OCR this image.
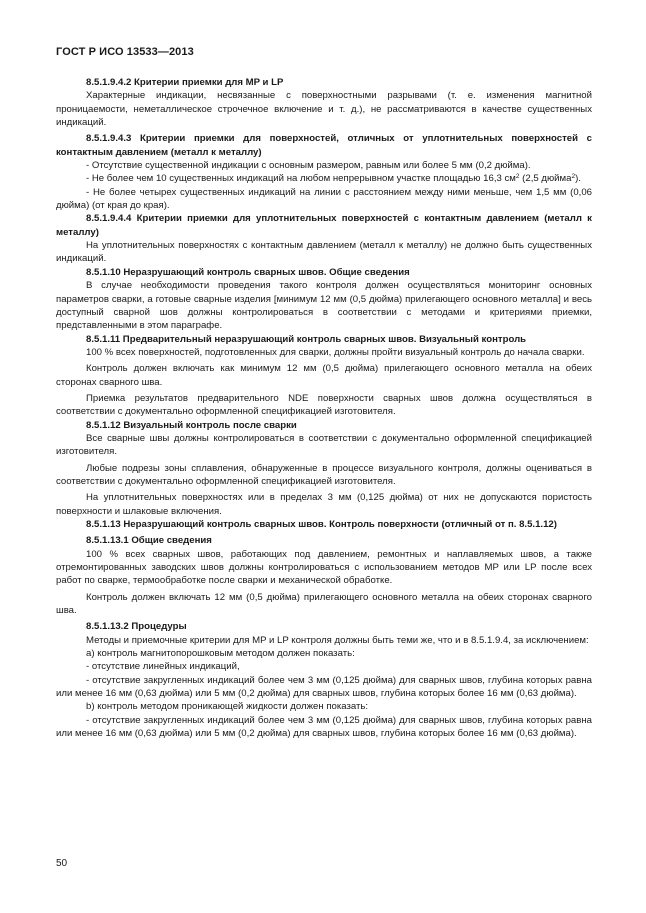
ГОСТ Р ИСО 13533—2013

8.5.1.9.4.2 Критерии приемки для MP и LP

Характерные индикации, несвязанные с поверхностными разрывами (т. е. изменения магнитной проницаемости, неметаллическое строчечное включение и т. д.), не рассматриваются в качестве существенных индикаций.

8.5.1.9.4.3 Критерии приемки для поверхностей, отличных от уплотнительных поверхностей с контактным давлением (металл к металлу)

- Отсутствие существенной индикации с основным размером, равным или более 5 мм (0,2 дюйма).

- Не более чем 10 существенных индикаций на любом непрерывном участке площадью 16,3 $см^2$ (2,5 дюйма$^2$).

- Не более четырех существенных индикаций на линии с расстоянием между ними меньше, чем 1,5 мм (0,06 дюйма) (от края до края).

8.5.1.9.4.4 Критерии приемки для уплотнительных поверхностей с контактным давлением (металл к металлу)

На уплотнительных поверхностях с контактным давлением (металл к металлу) не должно быть существенных индикаций.

8.5.1.10 Неразрушающий контроль сварных швов. Общие сведения

В случае необходимости проведения такого контроля должен осуществляться мониторинг основных параметров сварки, а готовые сварные изделия [минимум 12 мм (0,5 дюйма) прилегающего основного металла] и весь доступный сварной шов должны контролироваться в соответствии с методами и критериями приемки, представленными в этом параграфе.

8.5.1.11 Предварительный неразрушающий контроль сварных швов. Визуальный контроль

100 % всех поверхностей, подготовленных для сварки, должны пройти визуальный контроль до начала сварки.

Контроль должен включать как минимум 12 мм (0,5 дюйма) прилегающего основного металла на обеих сторонах сварного шва.

Приемка результатов предварительного NDE поверхности сварных швов должна осуществляться в соответствии с документально оформленной спецификацией изготовителя.

8.5.1.12 Визуальный контроль после сварки

Все сварные швы должны контролироваться в соответствии с документально оформленной спецификацией изготовителя.

Любые подрезы зоны сплавления, обнаруженные в процессе визуального контроля, должны оцениваться в соответствии с документально оформленной спецификацией изготовителя.

На уплотнительных поверхностях или в пределах 3 мм (0,125 дюйма) от них не допускаются пористость поверхности и шлаковые включения.

8.5.1.13 Неразрушающий контроль сварных швов. Контроль поверхности (отличный от п. 8.5.1.12)

8.5.1.13.1 Общие сведения

100 % всех сварных швов, работающих под давлением, ремонтных и наплавляемых швов, а также отремонтированных заводских швов должны контролироваться с использованием методов MP или LP после всех работ по сварке, термообработке после сварки и механической обработке.

Контроль должен включать 12 мм (0,5 дюйма) прилегающего основного металла на обеих сторонах сварного шва.

8.5.1.13.2 Процедуры

Методы и приемочные критерии для MP и LP контроля должны быть теми же, что и в 8.5.1.9.4, за исключением:

a) контроль магнитопорошковым методом должен показать:

- отсутствие линейных индикаций,

- отсутствие закругленных индикаций более чем 3 мм (0,125 дюйма) для сварных швов, глубина которых равна или менее 16 мм (0,63 дюйма) или 5 мм (0,2 дюйма) для сварных швов, глубина которых более 16 мм (0,63 дюйма).

b) контроль методом проникающей жидкости должен показать:

- отсутствие закругленных индикаций более чем 3 мм (0,125 дюйма) для сварных швов, глубина которых равна или менее 16 мм (0,63 дюйма) или 5 мм (0,2 дюйма) для сварных швов, глубина которых более 16 мм (0,63 дюйма).

50
